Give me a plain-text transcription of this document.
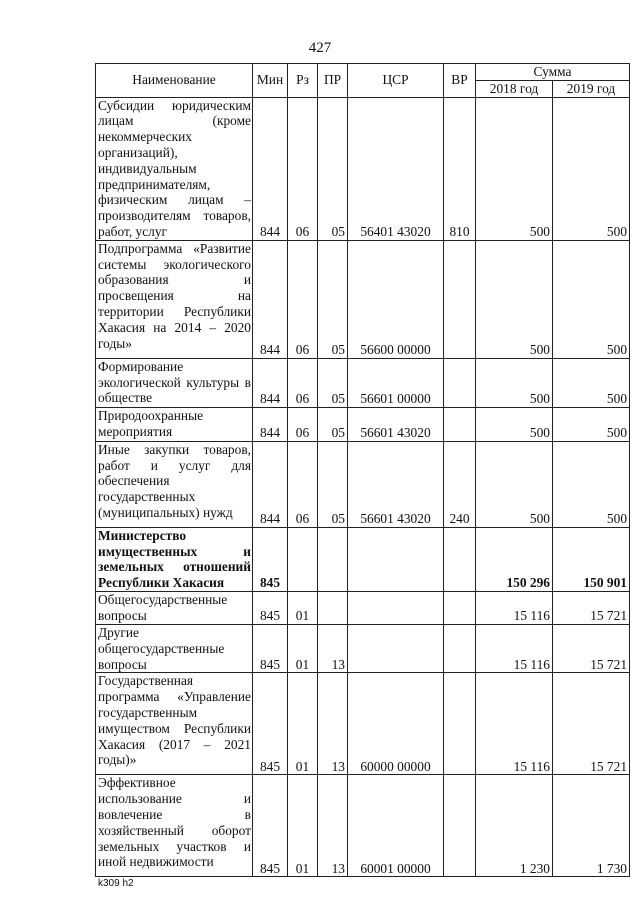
427
Наименование	Мин	Рз	ПР	ЦСР	ВР	Сумма	
						2018 год	2019 год
Субсидии юридическим лицам (кроме некоммерческих организаций), индивидуальным предпринимателям, физическим лицам – производителям товаров, работ, услуг	844	06	05	56401 43020	810	500	500
Подпрограмма «Развитие системы экологического образования и просвещения на территории Республики Хакасия на 2014 – 2020 годы»	844	06	05	56600 00000		500	500
Формирование экологической культуры в обществе	844	06	05	56601 00000		500	500
Природоохранные мероприятия	844	06	05	56601 43020		500	500
Иные закупки товаров, работ и услуг для обеспечения государственных (муниципальных) нужд	844	06	05	56601 43020	240	500	500
Министерство имущественных и земельных отношений Республики Хакасия	845					150 296	150 901
Общегосударственные вопросы	845	01				15 116	15 721
Другие общегосударственные вопросы	845	01	13			15 116	15 721
Государственная программа «Управление государственным имуществом Республики Хакасия (2017 – 2021 годы)»	845	01	13	60000 00000		15 116	15 721
Эффективное использование и вовлечение в хозяйственный оборот земельных участков и иной недвижимости	845	01	13	60001 00000		1 230	1 730
k309 h2
